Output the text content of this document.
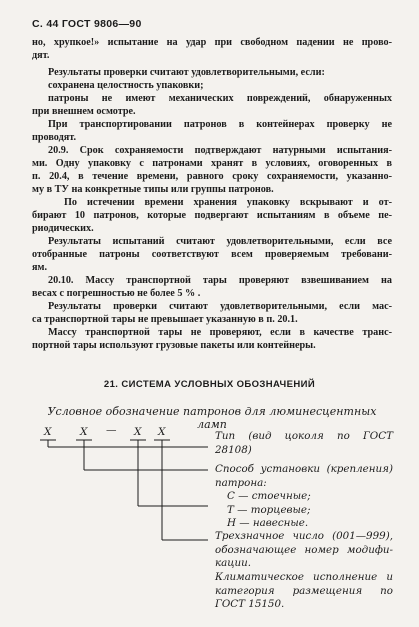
С. 44 ГОСТ 9806—90
но, хрупкое!» испытание на удар при свободном падении не прово-
дят.
Результаты проверки считают удовлетворительными, если:
сохранена целостность упаковки;
патроны не имеют механических повреждений, обнаруженных
при внешнем осмотре.
При транспортировании патронов в контейнерах проверку не
проводят.
20.9. Срок сохраняемости подтверждают натурными испытания-
ми. Одну упаковку с патронами хранят в условиях, оговоренных в
п. 20.4, в течение времени, равного сроку сохраняемости, указанно-
му в ТУ на конкретные типы или группы патронов.
По истечении времени хранения упаковку вскрывают и от-
бирают 10 патронов, которые подвергают испытаниям в объеме пе-
риодических.
Результаты испытаний считают удовлетворительными, если все
отобранные патроны соответствуют всем проверяемым требовани-
ям.
20.10. Массу транспортной тары проверяют взвешиванием на
весах с погрешностью не более 5 % .
Результаты проверки считают удовлетворительными, если мас-
са транспортной тары не превышает указанную в п. 20.1.
Массу транспортной тары не проверяют, если в качестве транс-
портной тары используют грузовые пакеты или контейнеры.
21. СИСТЕМА УСЛОВНЫХ ОБОЗНАЧЕНИЙ
Условное обозначение патронов для люминесцентных ламп
X	X — X X	Тип (вид цоколя по ГОСТ
28108)
Способ установки (крепления)
патрона:
С — стоечные;
Т — торцевые;
Н — навесные.
Трехзначное число (001—999),
обозначающее номер модифи-
кации.
Климатическое исполнение и
категория размещения по
ГОСТ 15150.
